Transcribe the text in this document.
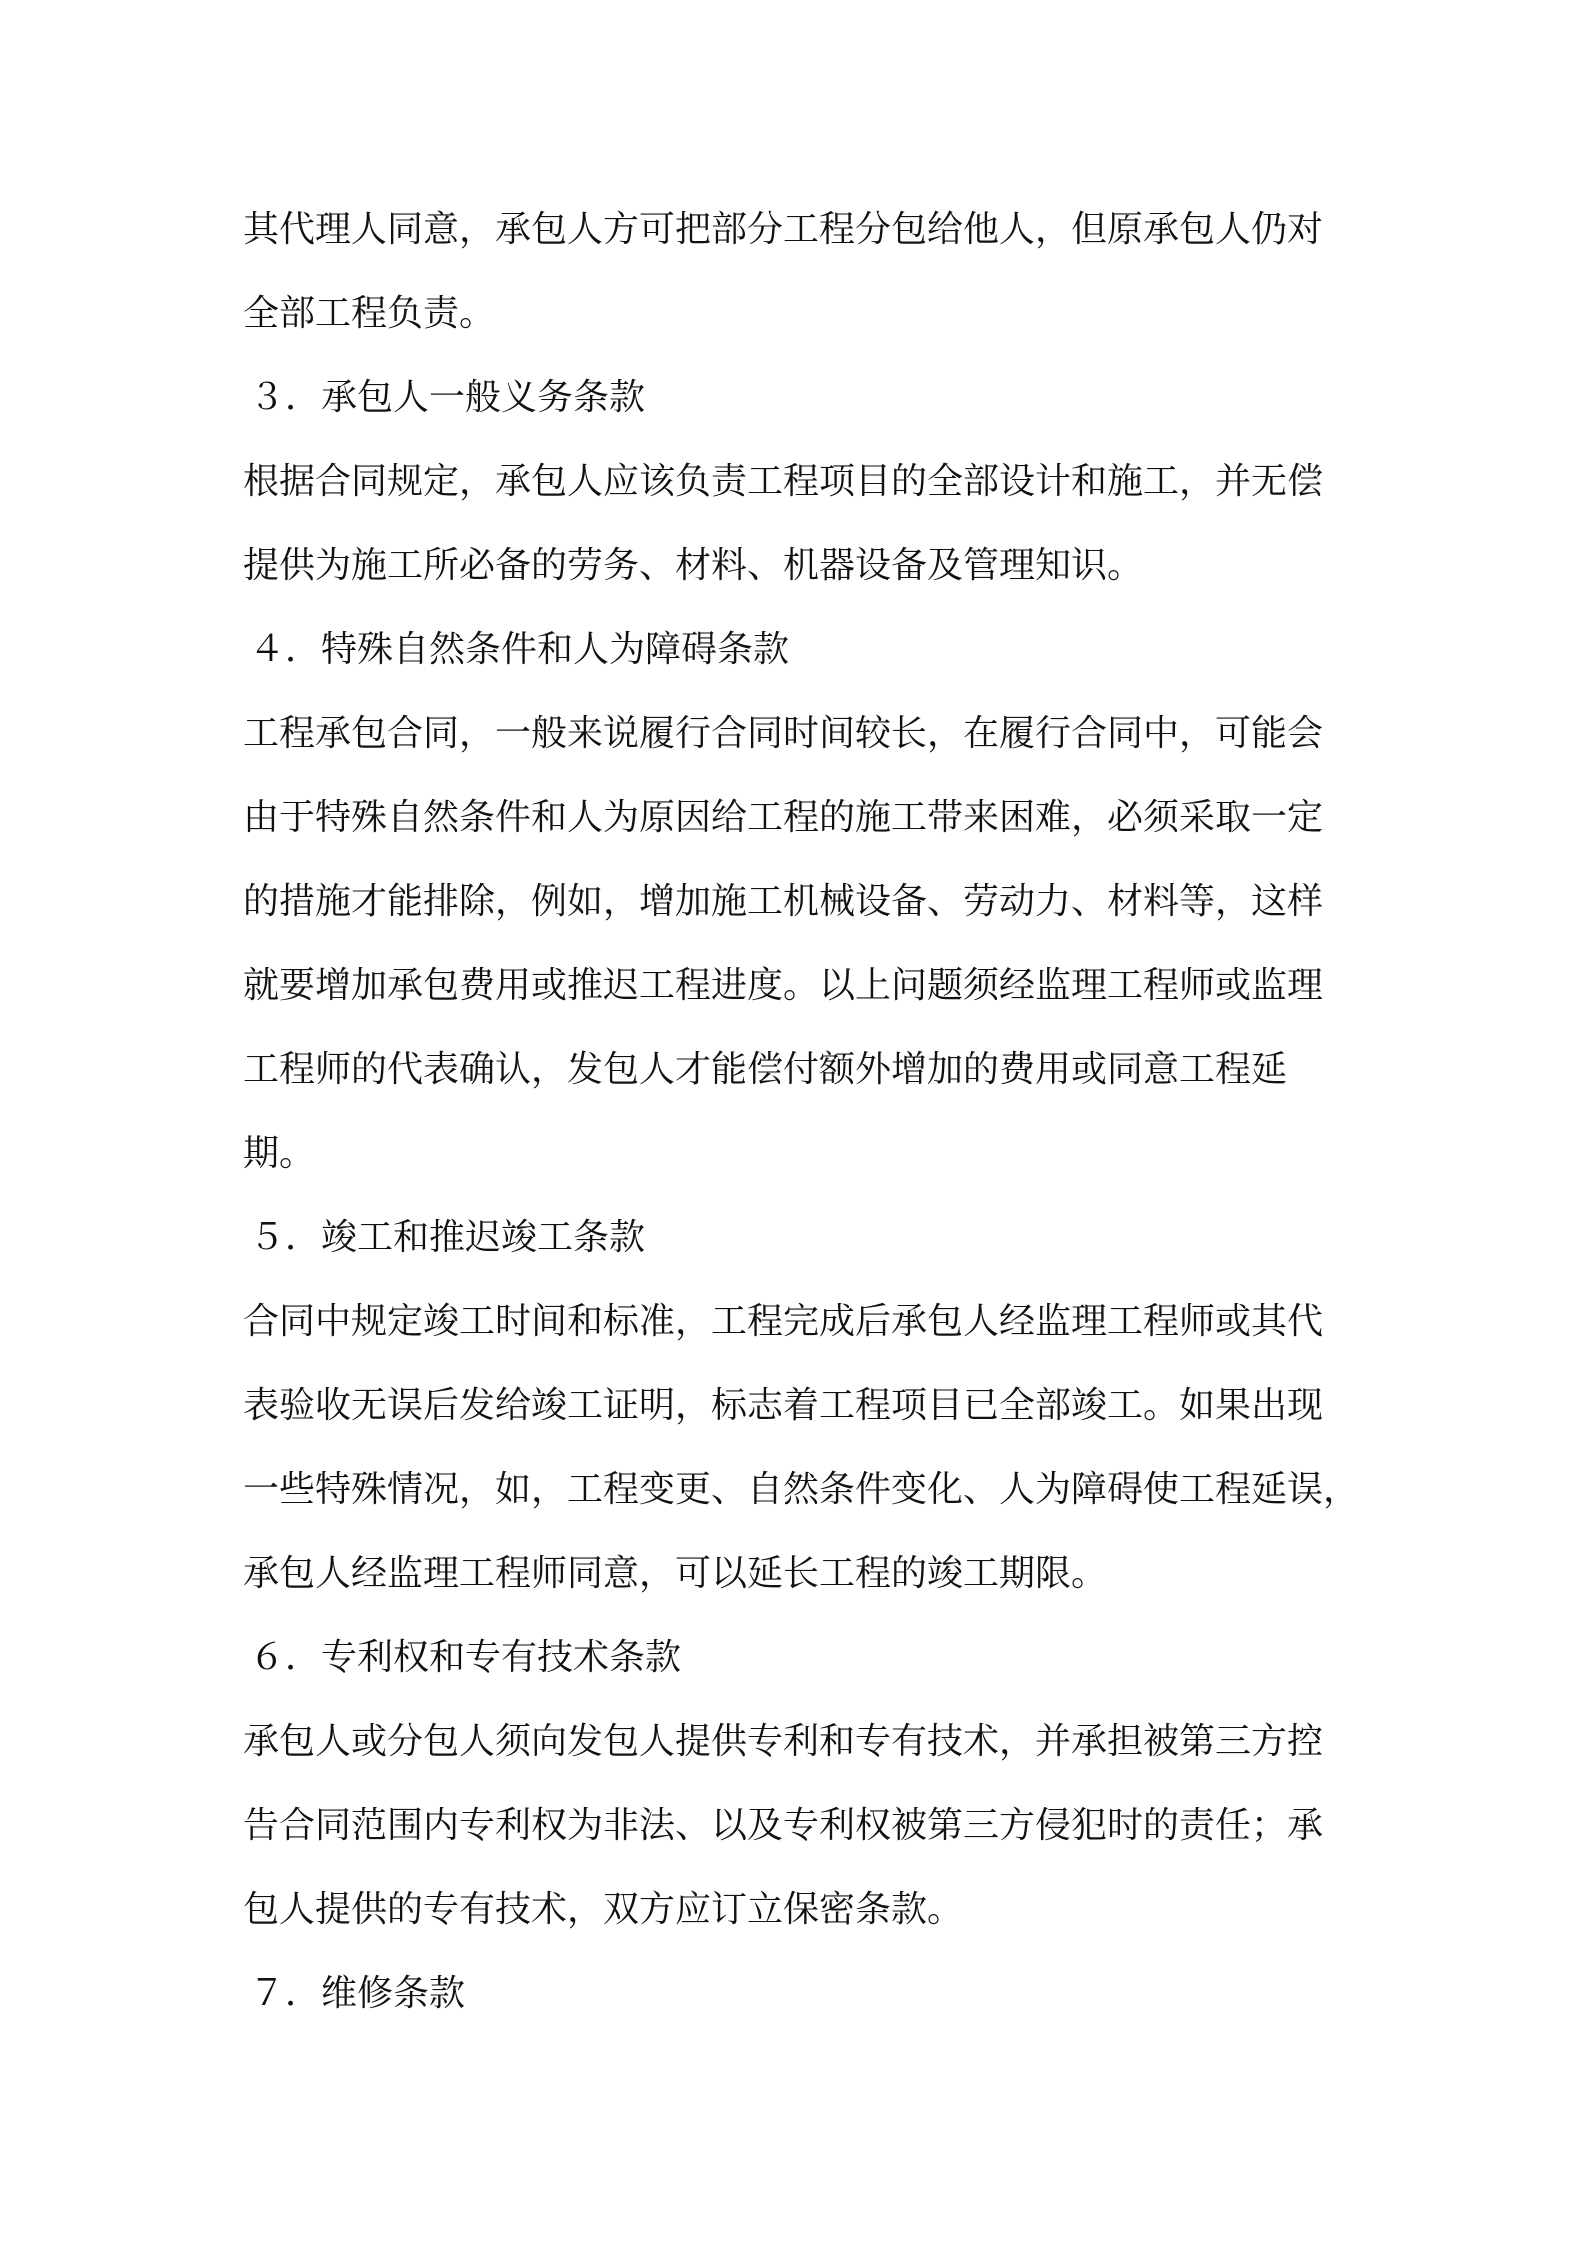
其代理人同意，承包人方可把部分工程分包给他人，但原承包人仍对
全部工程负责。
３．承包人一般义务条款
根据合同规定，承包人应该负责工程项目的全部设计和施工，并无偿
提供为施工所必备的劳务、材料、机器设备及管理知识。
４．特殊自然条件和人为障碍条款
工程承包合同，一般来说履行合同时间较长，在履行合同中，可能会
由于特殊自然条件和人为原因给工程的施工带来困难，必须采取一定
的措施才能排除，例如，增加施工机械设备、劳动力、材料等，这样
就要增加承包费用或推迟工程进度。以上问题须经监理工程师或监理
工程师的代表确认，发包人才能偿付额外增加的费用或同意工程延
期。
５．竣工和推迟竣工条款
合同中规定竣工时间和标准，工程完成后承包人经监理工程师或其代
表验收无误后发给竣工证明，标志着工程项目已全部竣工。如果出现
一些特殊情况，如，工程变更、自然条件变化、人为障碍使工程延误，
承包人经监理工程师同意，可以延长工程的竣工期限。
６．专利权和专有技术条款
承包人或分包人须向发包人提供专利和专有技术，并承担被第三方控
告合同范围内专利权为非法、以及专利权被第三方侵犯时的责任；承
包人提供的专有技术，双方应订立保密条款。
７．维修条款
